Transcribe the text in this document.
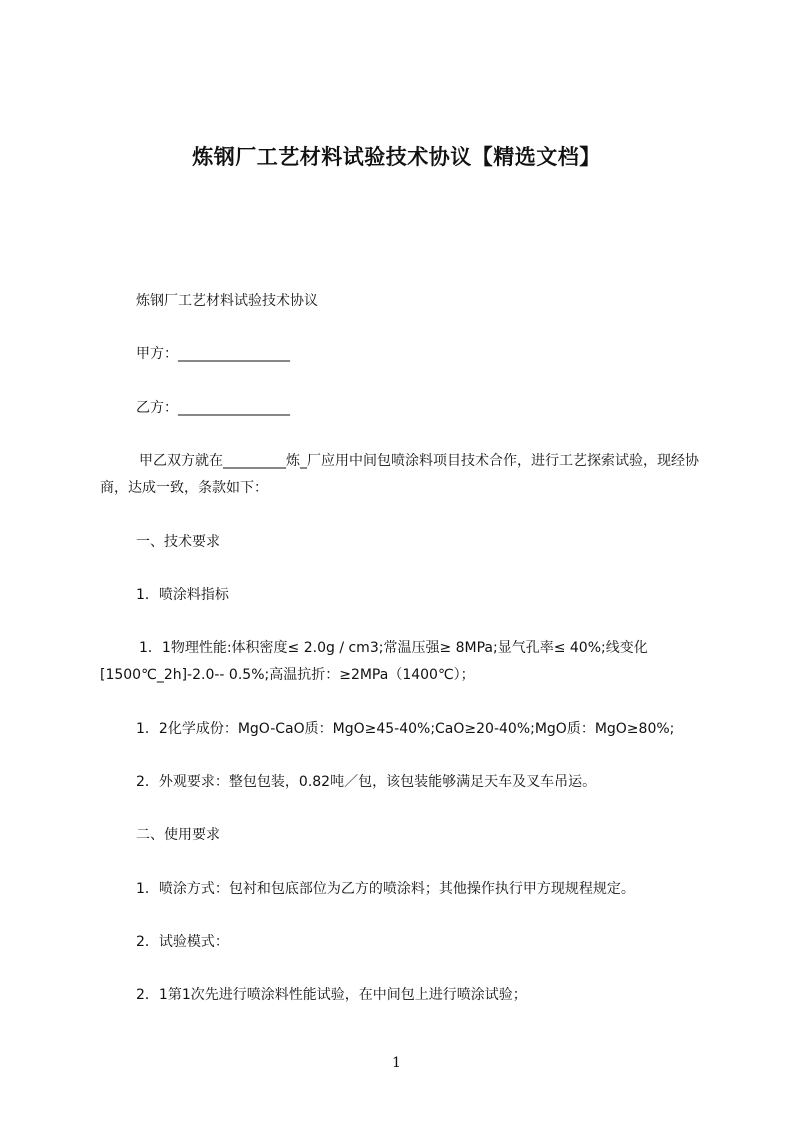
炼钢厂工艺材料试验技术协议【精选文档】
炼钢厂工艺材料试验技术协议
甲方：________________
乙方：________________
甲乙双方就在_________炼_厂应用中间包喷涂料项目技术合作，进行工艺探索试验，现经协商，达成一致，条款如下：
一、技术要求
1．喷涂料指标
1．1物理性能:体积密度≤ 2.0g / cm3;常温压强≥ 8MPa;显气孔率≤ 40%;线变化[1500℃_2h]-2.0-- 0.5%;高温抗折：≥2MPa（1400℃）；
1．2化学成份：MgO-CaO质：MgO≥45-40%;CaO≥20-40%;MgO质：MgO≥80%;
2．外观要求：整包包装，0.82吨／包，该包装能够满足天车及叉车吊运。
二、使用要求
1．喷涂方式：包衬和包底部位为乙方的喷涂料；其他操作执行甲方现规程规定。
2．试验模式：
2．1第1次先进行喷涂料性能试验，在中间包上进行喷涂试验；
1
